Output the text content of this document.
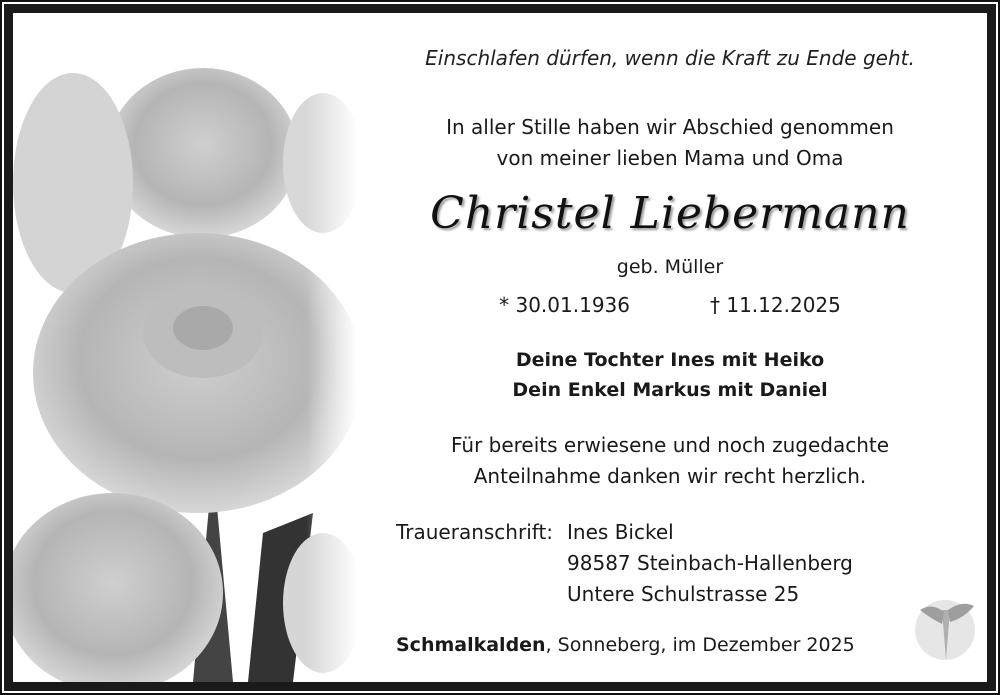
Einschlafen dürfen, wenn die Kraft zu Ende geht.
In aller Stille haben wir Abschied genommen
von meiner lieben Mama und Oma
Christel Liebermann
geb. Müller
* 30.01.1936	† 11.12.2025
Deine Tochter Ines mit Heiko
Dein Enkel Markus mit Daniel
Für bereits erwiesene und noch zugedachte
Anteilnahme danken wir recht herzlich.
Traueranschrift: Ines Bickel
98587 Steinbach-Hallenberg
Untere Schulstrasse 25
Schmalkalden, Sonneberg, im Dezember 2025
